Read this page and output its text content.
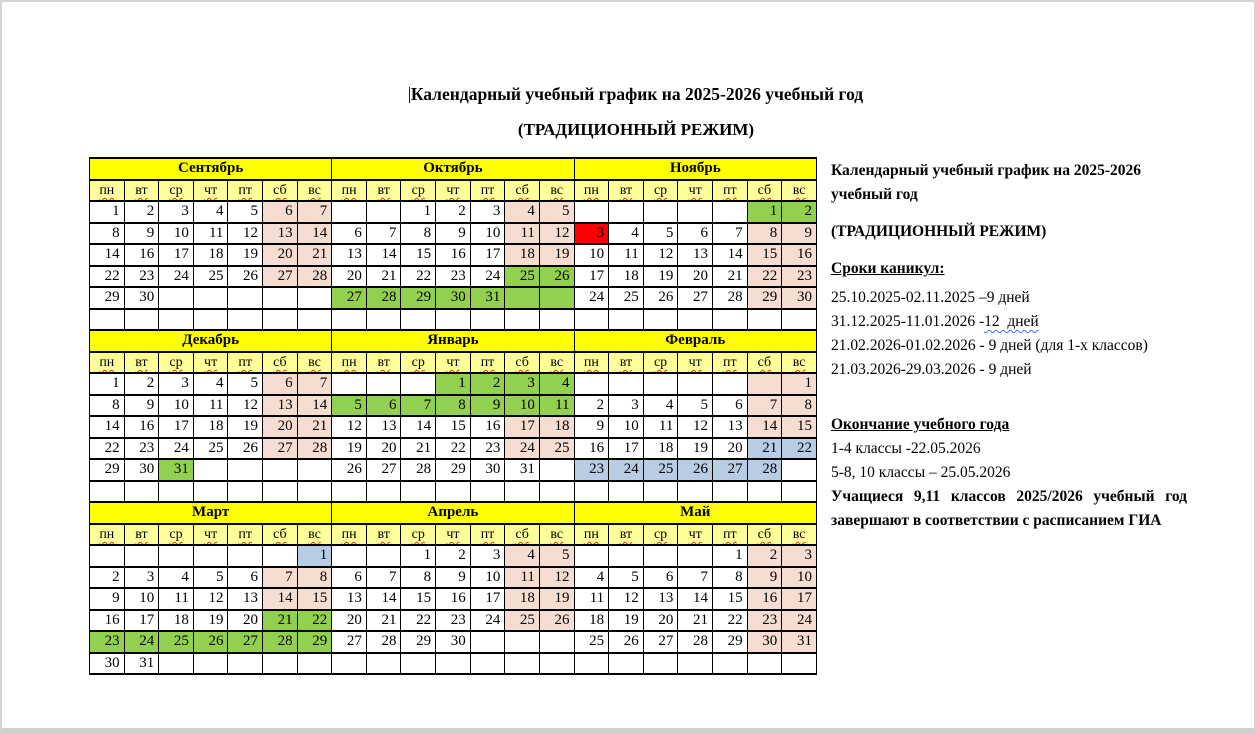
Календарный учебный график на 2025-2026 учебный год
(ТРАДИЦИОННЫЙ РЕЖИМ)
Сентябрь							Октябрь							Ноябрь						
пн	вт	ср	чт	пт	сб	вс	пн	вт	ср	чт	пт	сб	вс	пн	вт	ср	чт	пт	сб	вс
1	2	3	4	5	6	7			1	2	3	4	5						1	2
8	9	10	11	12	13	14	6	7	8	9	10	11	12	3	4	5	6	7	8	9
14	16	17	18	19	20	21	13	14	15	16	17	18	19	10	11	12	13	14	15	16
22	23	24	25	26	27	28	20	21	22	23	24	25	26	17	18	19	20	21	22	23
29	30						27	28	29	30	31			24	25	26	27	28	29	30

Декабрь							Январь							Февраль						
пн	вт	ср	чт	пт	сб	вс	пн	вт	ср	чт	пт	сб	вс	пн	вт	ср	чт	пт	сб	вс
1	2	3	4	5	6	7				1	2	3	4							1
8	9	10	11	12	13	14	5	6	7	8	9	10	11	2	3	4	5	6	7	8
14	16	17	18	19	20	21	12	13	14	15	16	17	18	9	10	11	12	13	14	15
22	23	24	25	26	27	28	19	20	21	22	23	24	25	16	17	18	19	20	21	22
29	30	31					26	27	28	29	30	31		23	24	25	26	27	28	

Март							Апрель							Май						
пн	вт	ср	чт	пт	сб	вс	пн	вт	ср	чт	пт	сб	вс	пн	вт	ср	чт	пт	сб	вс
						1			1	2	3	4	5					1	2	3
2	3	4	5	6	7	8	6	7	8	9	10	11	12	4	5	6	7	8	9	10
9	10	11	12	13	14	15	13	14	15	16	17	18	19	11	12	13	14	15	16	17
16	17	18	19	20	21	22	20	21	22	23	24	25	26	18	19	20	21	22	23	24
23	24	25	26	27	28	29	27	28	29	30				25	26	27	28	29	30	31
30	31																			
Календарный учебный график на 2025-2026 учебный год
(ТРАДИЦИОННЫЙ РЕЖИМ)
Сроки каникул:
25.10.2025-02.11.2025 –9 дней
31.12.2025-11.01.2026 -12  дней
21.02.2026-01.02.2026 - 9 дней (для 1-х классов)
21.03.2026-29.03.2026 - 9 дней
Окончание учебного года
1-4 классы -22.05.2026
5-8, 10 классы – 25.05.2026
Учащиеся 9,11 классов 2025/2026 учебный год завершают в соответствии с расписанием ГИА
